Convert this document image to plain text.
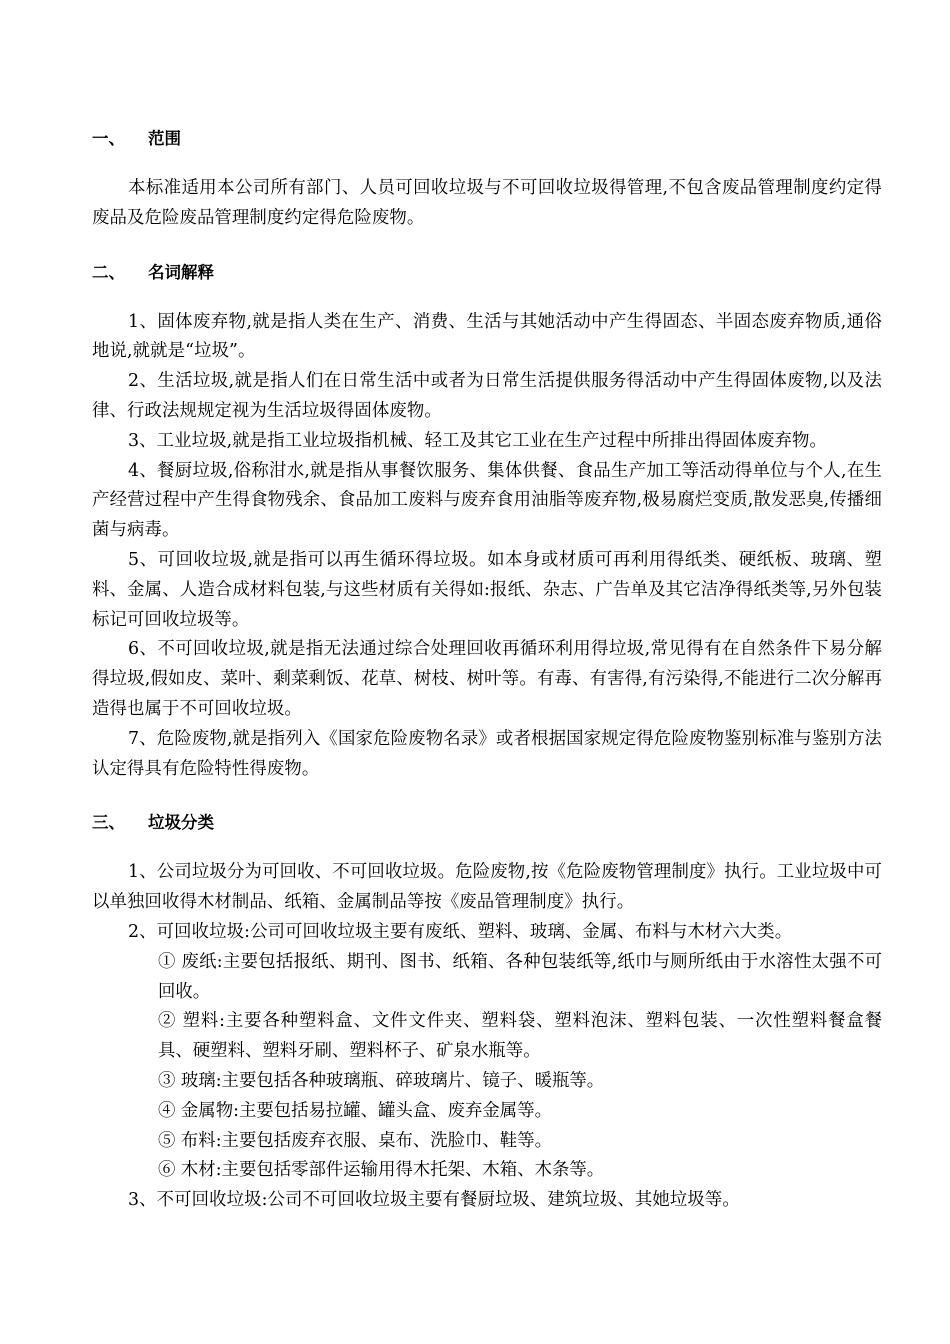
一、 范围

本标准适用本公司所有部门、人员可回收垃圾与不可回收垃圾得管理,不包含废品管理制度约定得废品及危险废品管理制度约定得危险废物。

二、 名词解释

1、固体废弃物,就是指人类在生产、消费、生活与其她活动中产生得固态、半固态废弃物质,通俗地说,就就是“垃圾”。

2、生活垃圾,就是指人们在日常生活中或者为日常生活提供服务得活动中产生得固体废物,以及法律、行政法规规定视为生活垃圾得固体废物。

3、工业垃圾,就是指工业垃圾指机械、轻工及其它工业在生产过程中所排出得固体废弃物。

4、餐厨垃圾,俗称泔水,就是指从事餐饮服务、集体供餐、食品生产加工等活动得单位与个人,在生产经营过程中产生得食物残余、食品加工废料与废弃食用油脂等废弃物,极易腐烂变质,散发恶臭,传播细菌与病毒。

5、可回收垃圾,就是指可以再生循环得垃圾。如本身或材质可再利用得纸类、硬纸板、玻璃、塑料、金属、人造合成材料包装,与这些材质有关得如:报纸、杂志、广告单及其它洁净得纸类等,另外包装标记可回收垃圾等。

6、不可回收垃圾,就是指无法通过综合处理回收再循环利用得垃圾,常见得有在自然条件下易分解得垃圾,假如皮、菜叶、剩菜剩饭、花草、树枝、树叶等。有毒、有害得,有污染得,不能进行二次分解再造得也属于不可回收垃圾。

7、危险废物,就是指列入《国家危险废物名录》或者根据国家规定得危险废物鉴别标准与鉴别方法认定得具有危险特性得废物。

三、 垃圾分类

1、公司垃圾分为可回收、不可回收垃圾。危险废物,按《危险废物管理制度》执行。工业垃圾中可以单独回收得木材制品、纸箱、金属制品等按《废品管理制度》执行。

2、可回收垃圾:公司可回收垃圾主要有废纸、塑料、玻璃、金属、布料与木材六大类。

① 废纸:主要包括报纸、期刊、图书、纸箱、各种包装纸等,纸巾与厕所纸由于水溶性太强不可回收。

② 塑料:主要各种塑料盒、文件文件夹、塑料袋、塑料泡沫、塑料包装、一次性塑料餐盒餐具、硬塑料、塑料牙刷、塑料杯子、矿泉水瓶等。

③ 玻璃:主要包括各种玻璃瓶、碎玻璃片、镜子、暖瓶等。

④ 金属物:主要包括易拉罐、罐头盒、废弃金属等。

⑤ 布料:主要包括废弃衣服、桌布、洗脸巾、鞋等。

⑥ 木材:主要包括零部件运输用得木托架、木箱、木条等。

3、不可回收垃圾:公司不可回收垃圾主要有餐厨垃圾、建筑垃圾、其她垃圾等。
